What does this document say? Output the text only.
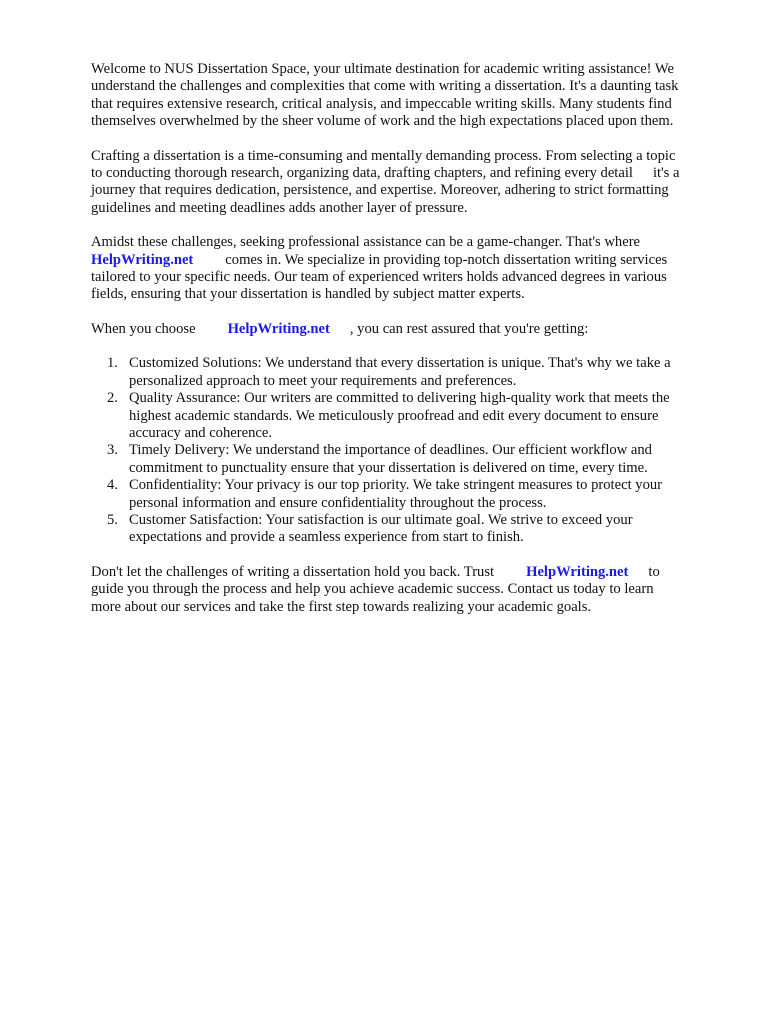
Welcome to NUS Dissertation Space, your ultimate destination for academic writing assistance! We
understand the challenges and complexities that come with writing a dissertation. It's a daunting task
that requires extensive research, critical analysis, and impeccable writing skills. Many students find
themselves overwhelmed by the sheer volume of work and the high expectations placed upon them.
Crafting a dissertation is a time-consuming and mentally demanding process. From selecting a topic
to conducting thorough research, organizing data, drafting chapters, and refining every detail it's a
journey that requires dedication, persistence, and expertise. Moreover, adhering to strict formatting
guidelines and meeting deadlines adds another layer of pressure.
Amidst these challenges, seeking professional assistance can be a game-changer. That's where
HelpWriting.net comes in. We specialize in providing top-notch dissertation writing services
tailored to your specific needs. Our team of experienced writers holds advanced degrees in various
fields, ensuring that your dissertation is handled by subject matter experts.
When you choose HelpWriting.net , you can rest assured that you're getting:
1. Customized Solutions: We understand that every dissertation is unique. That's why we take a
personalized approach to meet your requirements and preferences.
2. Quality Assurance: Our writers are committed to delivering high-quality work that meets the
highest academic standards. We meticulously proofread and edit every document to ensure
accuracy and coherence.
3. Timely Delivery: We understand the importance of deadlines. Our efficient workflow and
commitment to punctuality ensure that your dissertation is delivered on time, every time.
4. Confidentiality: Your privacy is our top priority. We take stringent measures to protect your
personal information and ensure confidentiality throughout the process.
5. Customer Satisfaction: Your satisfaction is our ultimate goal. We strive to exceed your
expectations and provide a seamless experience from start to finish.
Don't let the challenges of writing a dissertation hold you back. Trust HelpWriting.net to
guide you through the process and help you achieve academic success. Contact us today to learn
more about our services and take the first step towards realizing your academic goals.
